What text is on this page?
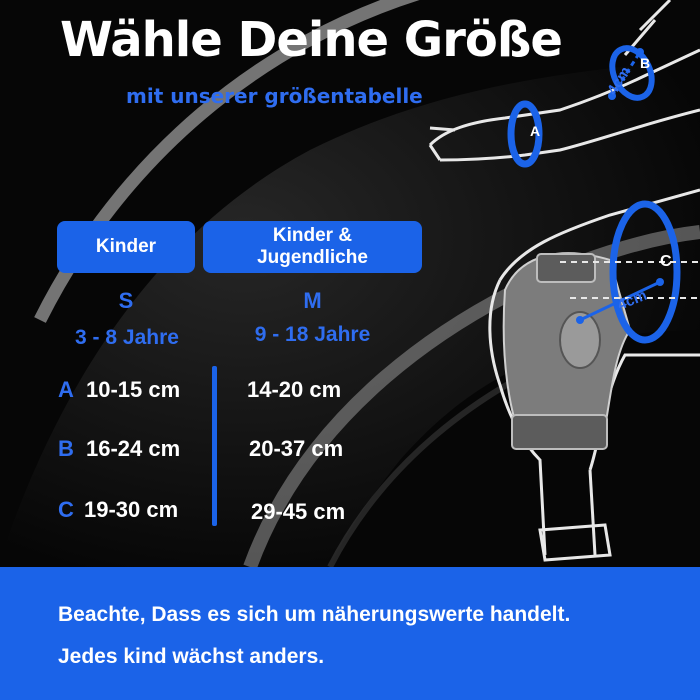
A
B
4cm
C
4cm
Wähle Deine Größe

mit unserer größentabelle

Kinder
Kinder & Jugendliche
S	M
3 - 8 Jahre	9 - 18 Jahre
A
B
C
10-15 cm
16-24 cm
19-30 cm
14-20 cm
20-37 cm
29-45 cm
Beachte, Dass es sich um näherungswerte handelt.
Jedes kind wächst anders.
